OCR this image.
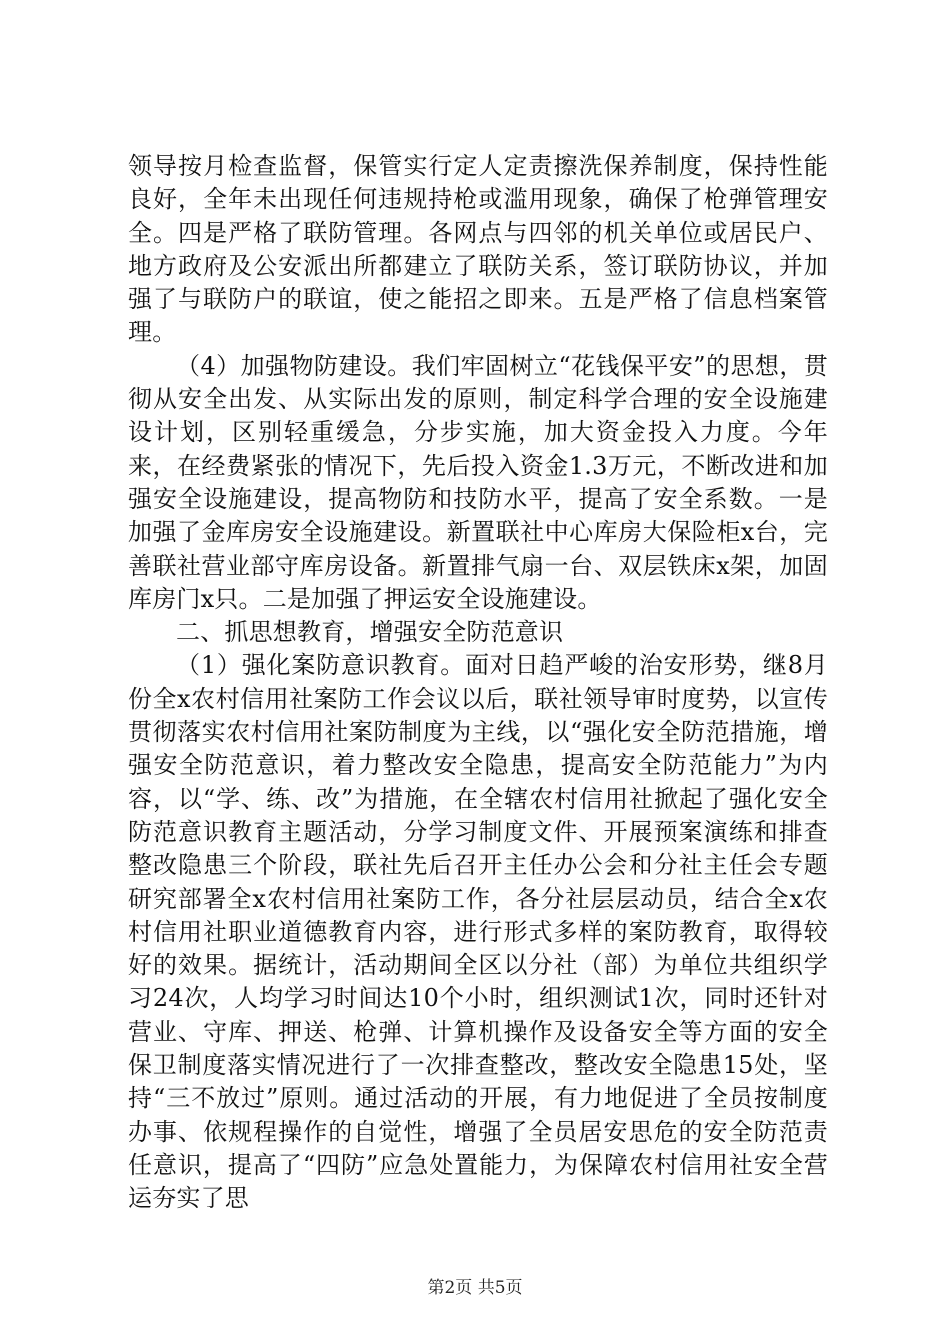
领导按月检查监督，保管实行定人定责擦洗保养制度，保持性能良好，全年未出现任何违规持枪或滥用现象，确保了枪弹管理安全。四是严格了联防管理。各网点与四邻的机关单位或居民户、地方政府及公安派出所都建立了联防关系，签订联防协议，并加强了与联防户的联谊，使之能招之即来。五是严格了信息档案管理。

（4）加强物防建设。我们牢固树立“花钱保平安”的思想，贯彻从安全出发、从实际出发的原则，制定科学合理的安全设施建设计划，区别轻重缓急，分步实施，加大资金投入力度。今年来，在经费紧张的情况下，先后投入资金1.3万元，不断改进和加强安全设施建设，提高物防和技防水平，提高了安全系数。一是加强了金库房安全设施建设。新置联社中心库房大保险柜x台，完善联社营业部守库房设备。新置排气扇一台、双层铁床x架，加固库房门x只。二是加强了押运安全设施建设。

二、抓思想教育，增强安全防范意识

（1）强化案防意识教育。面对日趋严峻的治安形势，继8月份全x农村信用社案防工作会议以后，联社领导审时度势，以宣传贯彻落实农村信用社案防制度为主线，以“强化安全防范措施，增强安全防范意识，着力整改安全隐患，提高安全防范能力”为内容，以“学、练、改”为措施，在全辖农村信用社掀起了强化安全防范意识教育主题活动，分学习制度文件、开展预案演练和排查整改隐患三个阶段，联社先后召开主任办公会和分社主任会专题研究部署全x农村信用社案防工作，各分社层层动员，结合全x农村信用社职业道德教育内容，进行形式多样的案防教育，取得较好的效果。据统计，活动期间全区以分社（部）为单位共组织学习24次，人均学习时间达10个小时，组织测试1次，同时还针对营业、守库、押送、枪弹、计算机操作及设备安全等方面的安全保卫制度落实情况进行了一次排查整改，整改安全隐患15处，坚持“三不放过”原则。通过活动的开展，有力地促进了全员按制度办事、依规程操作的自觉性，增强了全员居安思危的安全防范责任意识，提高了“四防”应急处置能力，为保障农村信用社安全营运夯实了思

第2页 共5页
